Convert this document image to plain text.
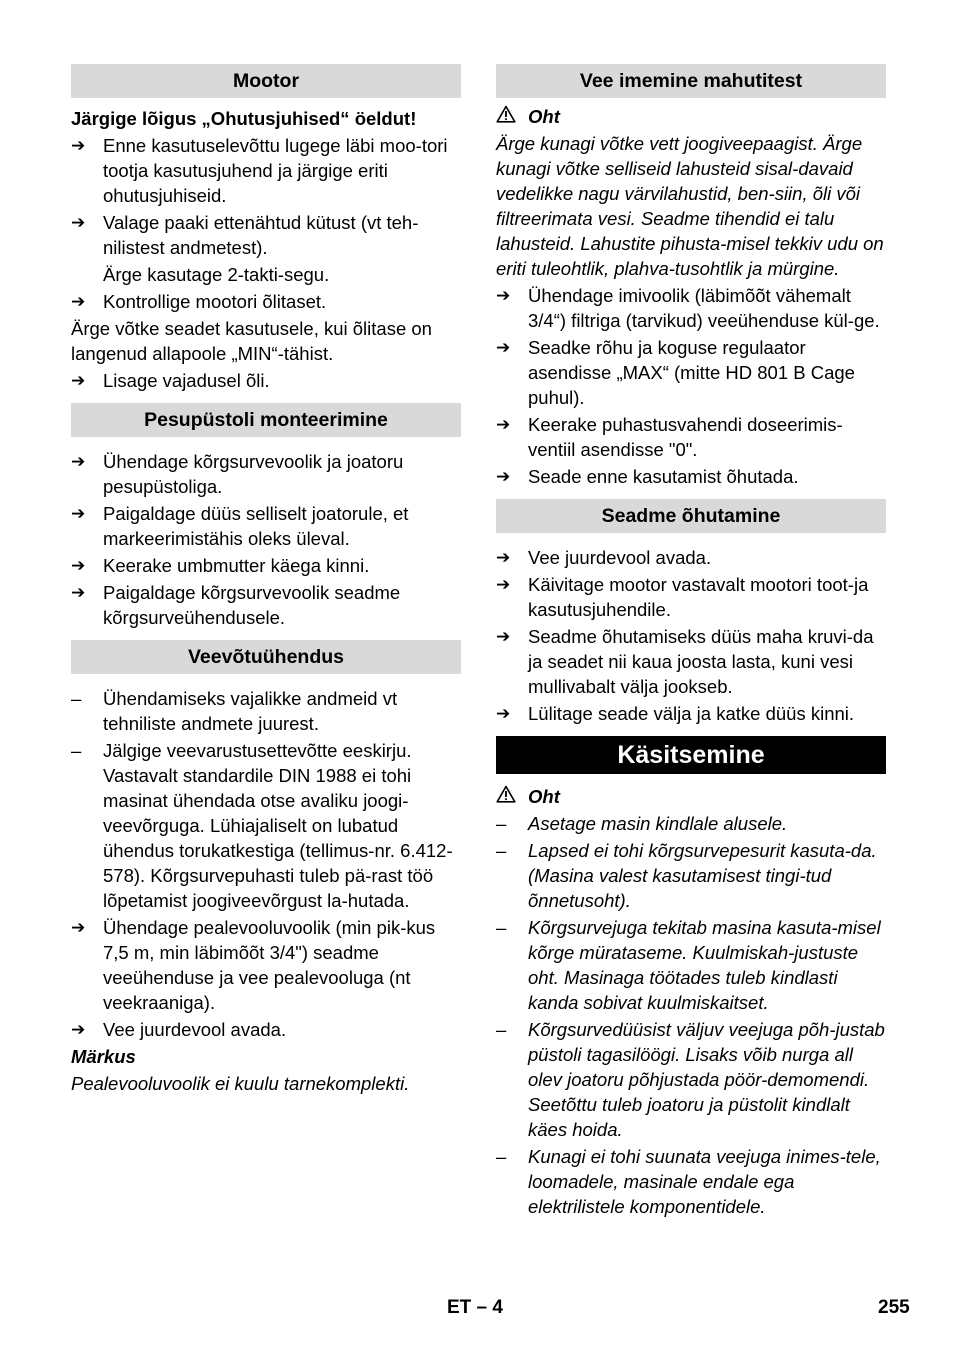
Mootor
Järgige lõigus „Ohutusjuhised“ öeldut!
➔ Enne kasutuselevõttu lugege läbi moo-tori tootja kasutusjuhend ja järgige eriti ohutusjuhiseid.
➔ Valage paaki ettenähtud kütust (vt teh-nilistest andmetest).
Ärge kasutage 2-takti-segu.
➔ Kontrollige mootori õlitaset.
Ärge võtke seadet kasutusele, kui õlitase on langenud allapoole „MIN“-tähist.
➔ Lisage vajadusel õli.
Pesupüstoli monteerimine
➔ Ühendage kõrgsurvevoolik ja joatoru pesupüstoliga.
➔ Paigaldage düüs selliselt joatorule, et markeerimistähis oleks üleval.
➔ Keerake umbmutter käega kinni.
➔ Paigaldage kõrgsurvevoolik seadme kõrgsurveühendusele.
Veevõtuühendus
–	Ühendamiseks vajalikke andmeid vt tehniliste andmete juurest.
–	Jälgige veevarustusettevõtte eeskirju. Vastavalt standardile DIN 1988 ei tohi masinat ühendada otse avaliku joogi-veevõrguga. Lühiajaliselt on lubatud ühendus torukatkestiga (tellimus-nr. 6.412-578). Kõrgsurvepuhasti tuleb pä-rast töö lõpetamist joogiveevõrgust la-hutada.
➔ Ühendage pealevooluvoolik (min pik-kus 7,5 m, min läbimõõt 3/4") seadme veeühenduse ja vee pealevooluga (nt veekraaniga).
➔ Vee juurdevool avada.
Märkus
Pealevooluvoolik ei kuulu tarnekomplekti.
Vee imemine mahutitest
Oht
Ärge kunagi võtke vett joogiveepaagist. Ärge kunagi võtke selliseid lahusteid sisal-davaid vedelikke nagu värvilahustid, ben-siin, õli või filtreerimata vesi. Seadme tihendid ei talu lahusteid. Lahustite pihusta-misel tekkiv udu on eriti tuleohtlik, plahva-tusohtlik ja mürgine.
➔ Ühendage imivoolik (läbimõõt vähemalt 3/4“) filtriga (tarvikud) veeühenduse kül-ge.
➔ Seadke rõhu ja koguse regulaator asendisse „MAX“ (mitte HD 801 B Cage puhul).
➔ Keerake puhastusvahendi doseerimis-ventiil asendisse "0".
➔ Seade enne kasutamist õhutada.
Seadme õhutamine
➔ Vee juurdevool avada.
➔ Käivitage mootor vastavalt mootori toot-ja kasutusjuhendile.
➔ Seadme õhutamiseks düüs maha kruvi-da ja seadet nii kaua joosta lasta, kuni vesi mullivabalt välja jookseb.
➔ Lülitage seade välja ja katke düüs kinni.
Käsitsemine
Oht
–	Asetage masin kindlale alusele.
–	Lapsed ei tohi kõrgsurvepesurit kasuta-da. (Masina valest kasutamisest tingi-tud õnnetusoht).
–	Kõrgsurvejuga tekitab masina kasuta-misel kõrge mürataseme. Kuulmiskah-justuste oht. Masinaga töötades tuleb kindlasti kanda sobivat kuulmiskaitset.
–	Kõrgsurvedüüsist väljuv veejuga põh-justab püstoli tagasilöögi. Lisaks võib nurga all olev joatoru põhjustada pöör-demomendi. Seetõttu tuleb joatoru ja püstolit kindlalt käes hoida.
–	Kunagi ei tohi suunata veejuga inimes-tele, loomadele, masinale endale ega elektrilistele komponentidele.
ET – 4	255
